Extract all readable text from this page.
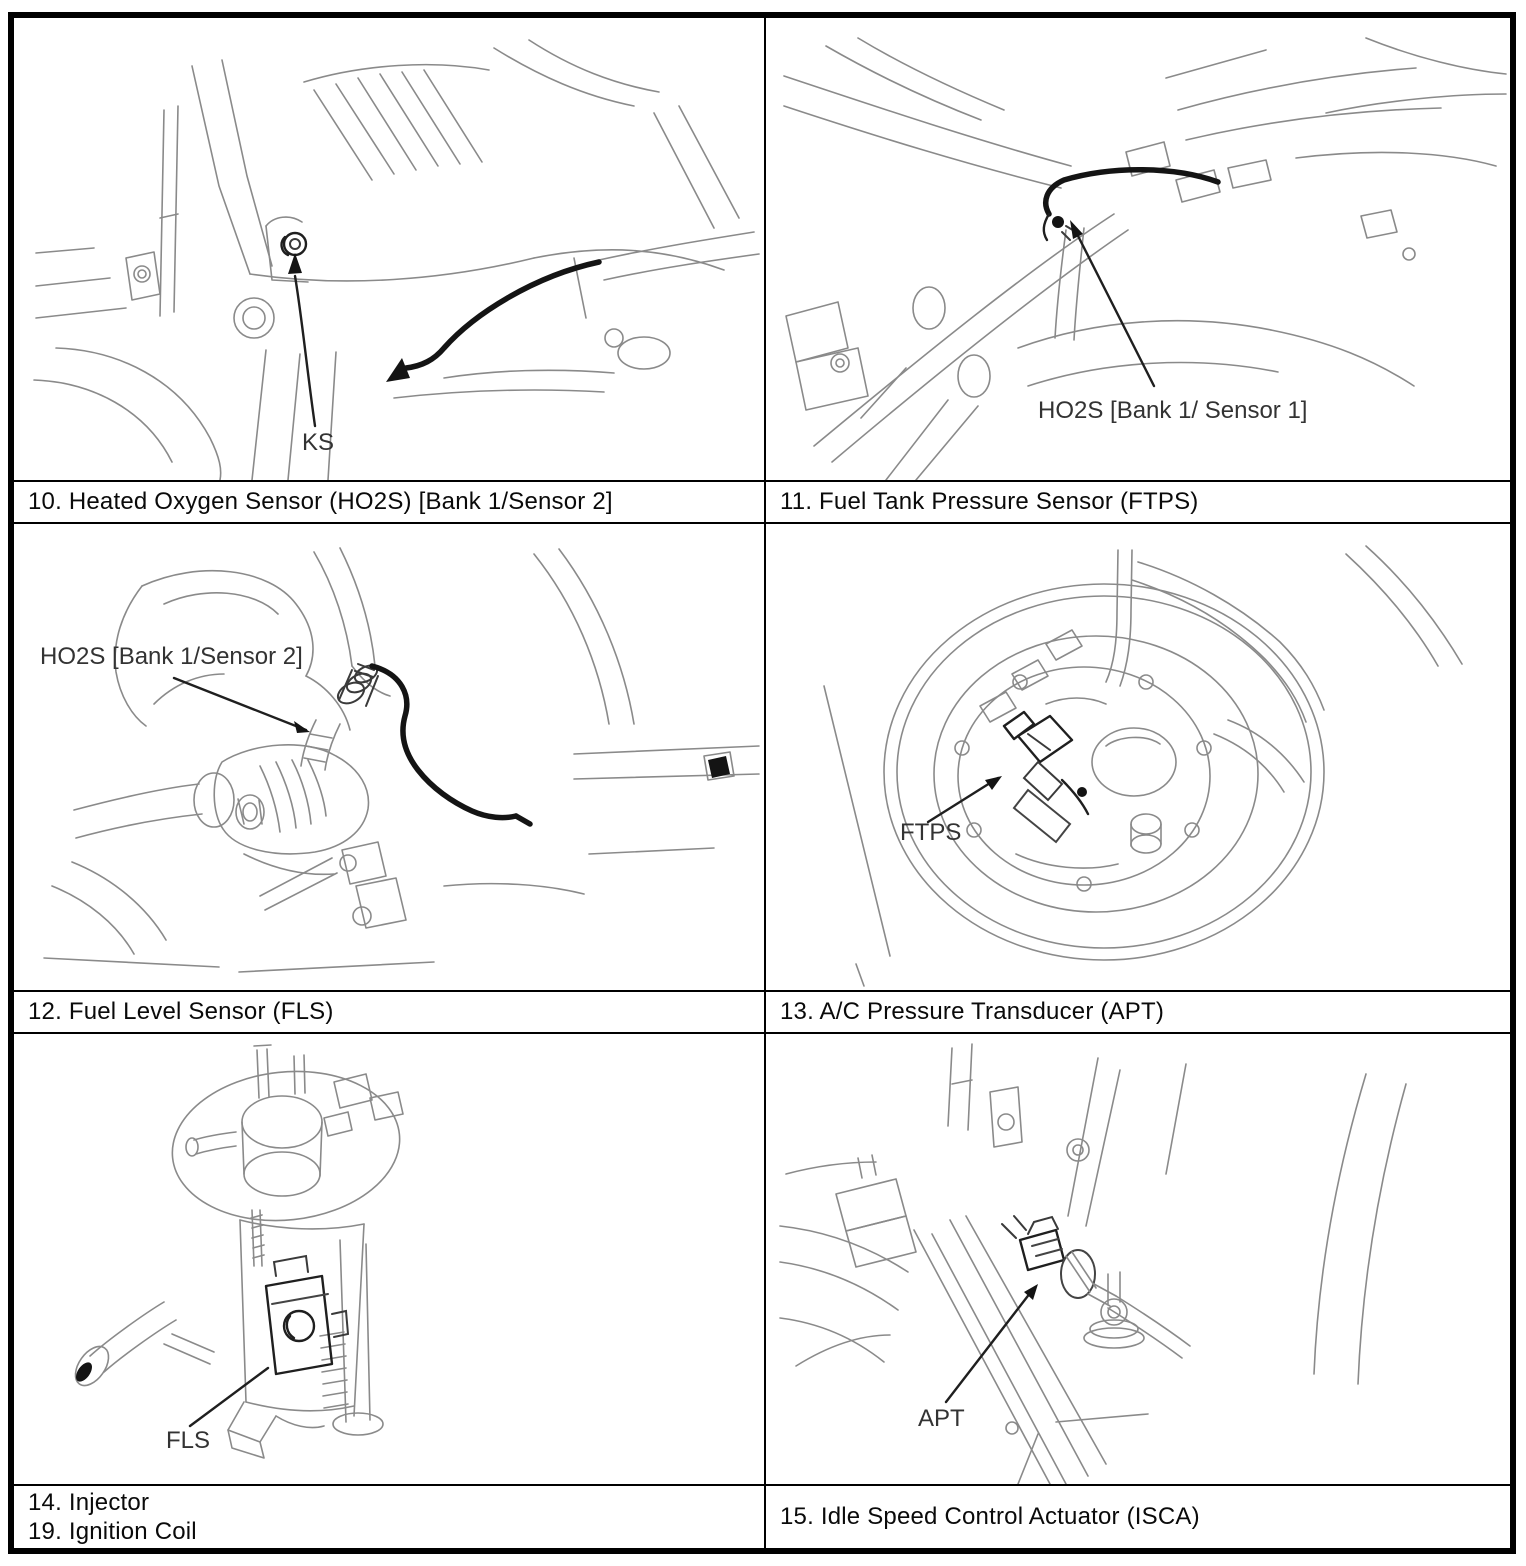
KS
HO2S [Bank 1/ Sensor 1]
10. Heated Oxygen Sensor (HO2S) [Bank 1/Sensor 2]	11. Fuel Tank Pressure Sensor (FTPS)
HO2S [Bank 1/Sensor 2]
FTPS
12. Fuel Level Sensor (FLS)	13. A/C Pressure Transducer (APT)
FLS
APT
14. Injector
19. Ignition Coil
15. Idle Speed Control Actuator (ISCA)
